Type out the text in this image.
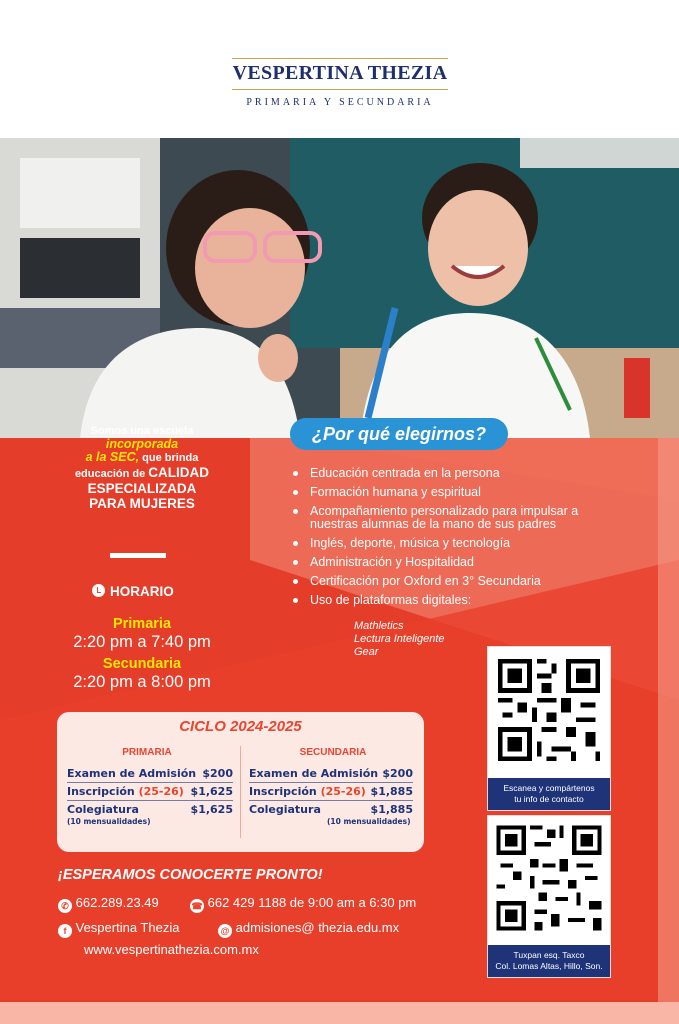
VESPERTINA THEZIA
PRIMARIA Y SECUNDARIA
Somos una escuela
incorporada
a la SEC, que brinda
educación de CALIDAD
ESPECIALIZADA
PARA MUJERES
HORARIO
Primaria
2:20 pm a 7:40 pm
Secundaria
2:20 pm a 8:00 pm
¿Por qué elegirnos?
Educación centrada en la persona
Formación humana y espiritual
Acompañamiento personalizado para impulsar a nuestras alumnas de la mano de sus padres
Inglés, deporte, música y tecnología
Administración y Hospitalidad
Certificación por Oxford en 3° Secundaria
Uso de plataformas digitales:
Mathletics
Lectura Inteligente
Gear
Escanea y compártenos
tu info de contacto
Tuxpan esq. Taxco
Col. Lomas Altas, Hillo, Son.
CICLO 2024-2025
PRIMARIA
Examen de Admisión $200
Inscripción (25-26) $1,625
Colegiatura	$1,625
(10 mensualidades)
SECUNDARIA
Examen de Admisión $200
Inscripción (25-26) $1,885
Colegiatura	$1,885
(10 mensualidades)
¡ESPERAMOS CONOCERTE PRONTO!
✆ 662.289.23.49	☎ 662 429 1188 de 9:00 am a 6:30 pm
f Vespertina Thezia	@ admisiones@ thezia.edu.mx
www.vespertinathezia.com.mx
